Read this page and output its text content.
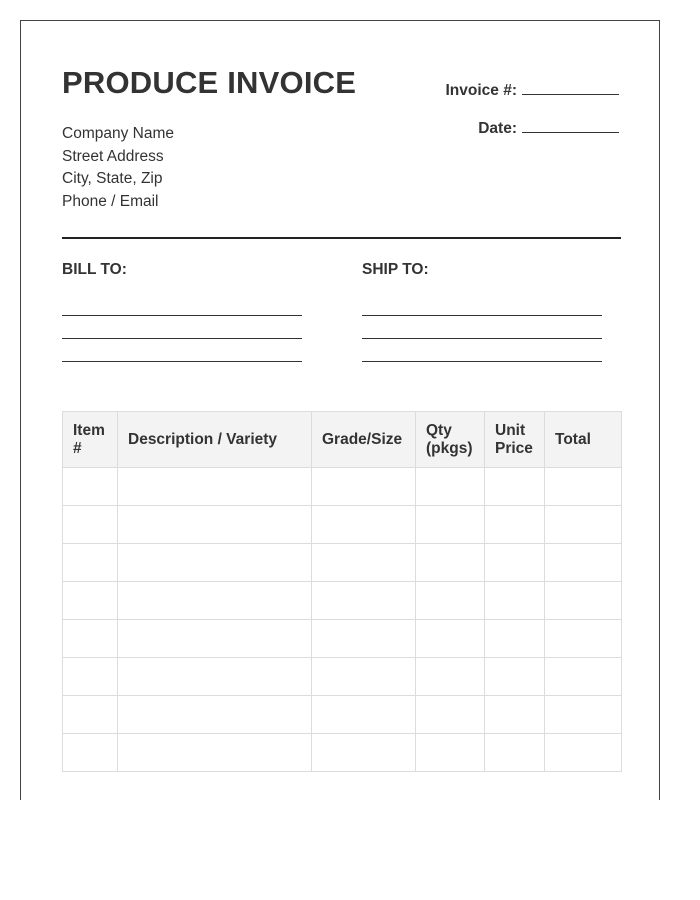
PRODUCE INVOICE	Invoice #:
Date:
Company Name
Street Address
City, State, Zip
Phone / Email
BILL TO:	SHIP TO:
Item #	Description / Variety	Grade/Size	Qty (pkgs)	Unit Price	Total
